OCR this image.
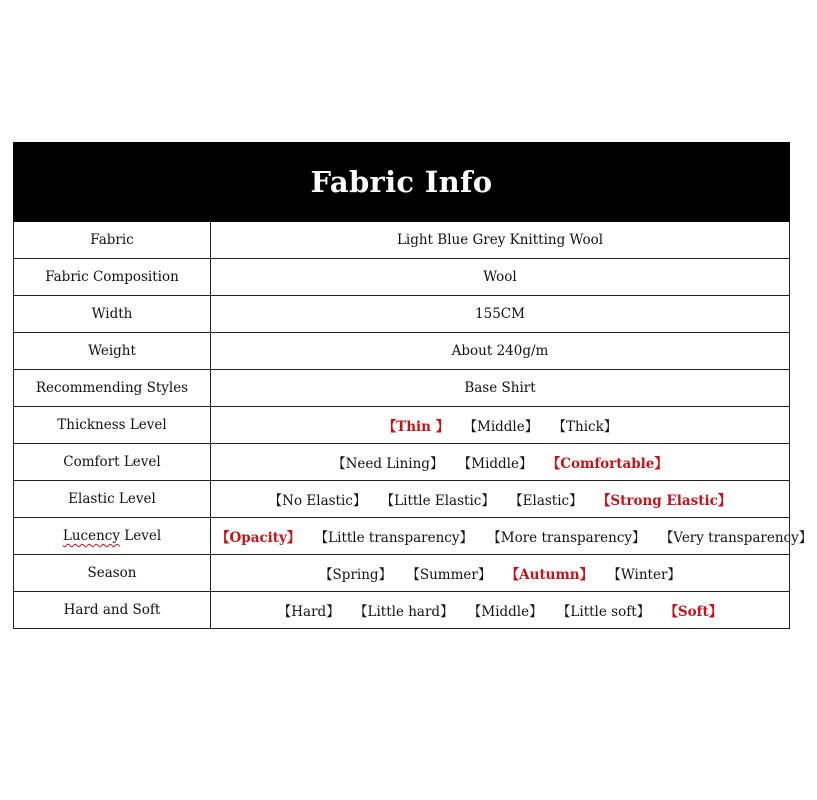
Fabric Info
Fabric	Light Blue Grey Knitting Wool
Fabric Composition	Wool
Width	155CM
Weight	About 240g/m
Recommending Styles	Base Shirt
Thickness Level	【Thin 】 【Middle】 【Thick】
Comfort Level	【Need Lining】 【Middle】 【Comfortable】
Elastic Level	【No Elastic】 【Little Elastic】 【Elastic】 【Strong Elastic】
Lucency Level	【Opacity】 【Little transparency】 【More transparency】 【Very transparency】
Season	【Spring】 【Summer】 【Autumn】 【Winter】
Hard and Soft	【Hard】 【Little hard】 【Middle】 【Little soft】 【Soft】
